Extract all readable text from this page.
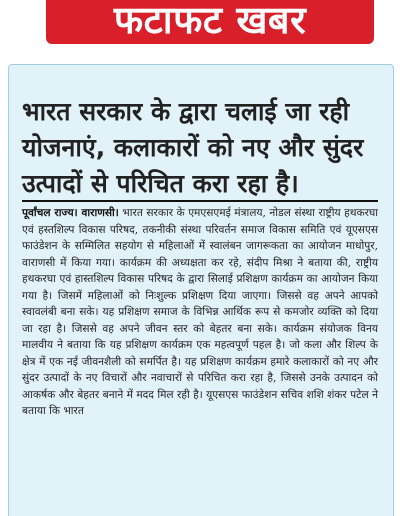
फटाफट खबर
भारत सरकार के द्वारा चलाई जा रही योजनाएं, कलाकारों को नए और सुंदर उत्पादों से परिचित करा रहा है।

पूर्वांचल राज्य। वाराणसी। भारत सरकार के एमएसएमई मंत्रालय, नोडल संस्था राष्ट्रीय हथकरघा एवं हस्तशिल्प विकास परिषद, तकनीकी संस्था परिवर्तन समाज विकास समिति एवं यूएसएस फाउंडेशन के सम्मिलित सहयोग से महिलाओं में स्वालंबन जागरूकता का आयोजन माधोपुर, वाराणसी में किया गया। कार्यक्रम की अध्यक्षता कर रहे, संदीप मिश्रा ने बताया की, राष्ट्रीय हथकरघा एवं हास्तशिल्प विकास परिषद के द्वारा सिलाई प्रशिक्षण कार्यक्रम का आयोजन किया गया है। जिसमें महिलाओं को निःशुल्क प्रशिक्षण दिया जाएगा। जिससे वह अपने आपको स्वावलंबी बना सके। यह प्रशिक्षण समाज के विभिन्न आर्थिक रूप से कमजोर व्यक्ति को दिया जा रहा है। जिससे वह अपने जीवन स्तर को बेहतर बना सके। कार्यक्रम संयोजक विनय मालवीय ने बताया कि यह प्रशिक्षण कार्यक्रम एक महत्वपूर्ण पहल है। जो कला और शिल्प के क्षेत्र में एक नई जीवनशैली को समर्पित है। यह प्रशिक्षण कार्यक्रम हमारे कलाकारों को नए और सुंदर उत्पादों के नए विचारों और नवाचारों से परिचित करा रहा है, जिससे उनके उत्पादन को आकर्षक और बेहतर बनाने में मदद मिल रही है। यूएसएस फाउंडेशन सचिव शशि शंकर पटेल ने बताया कि भारत
